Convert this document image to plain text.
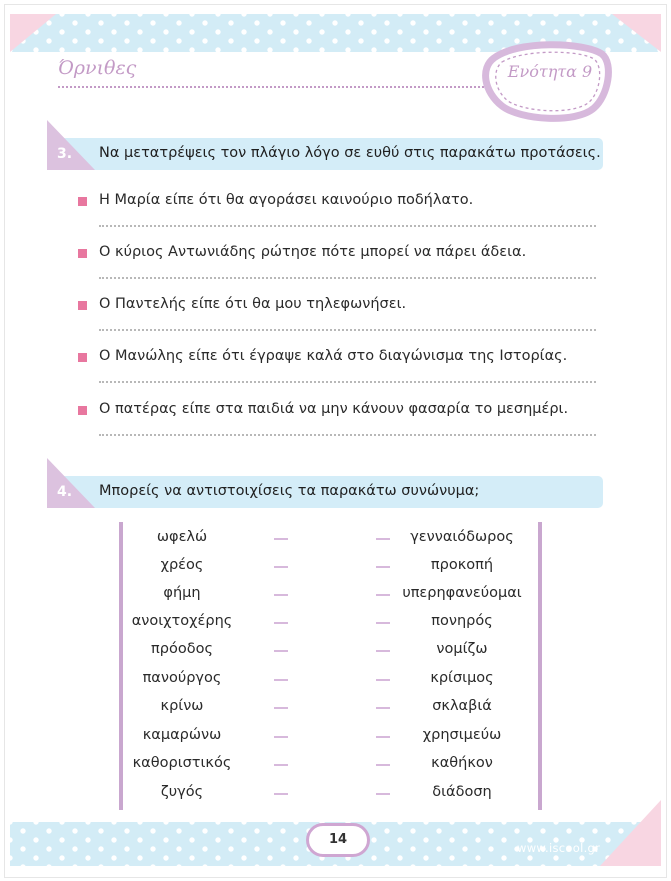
Όρνιθες	Ενότητα 9
3. Να μετατρέψεις τον πλάγιο λόγο σε ευθύ στις παρακάτω προτάσεις.
Η Μαρία είπε ότι θα αγοράσει καινούριο ποδήλατο.
Ο κύριος Αντωνιάδης ρώτησε πότε μπορεί να πάρει άδεια.
Ο Παντελής είπε ότι θα μου τηλεφωνήσει.
Ο Μανώλης είπε ότι έγραψε καλά στο διαγώνισμα της Ιστορίας.
Ο πατέρας είπε στα παιδιά να μην κάνουν φασαρία το μεσημέρι.
4. Μπορείς να αντιστοιχίσεις τα παρακάτω συνώνυμα;
ωφελώ	γενναιόδωρος
χρέος	προκοπή
φήμη	υπερηφανεύομαι
ανοιχτοχέρης	πονηρός
πρόοδος	νομίζω
πανούργος	κρίσιμος
κρίνω	σκλαβιά
καμαρώνω	χρησιμεύω
καθοριστικός	καθήκον
ζυγός	διάδοση
14
www.iscool.gr
